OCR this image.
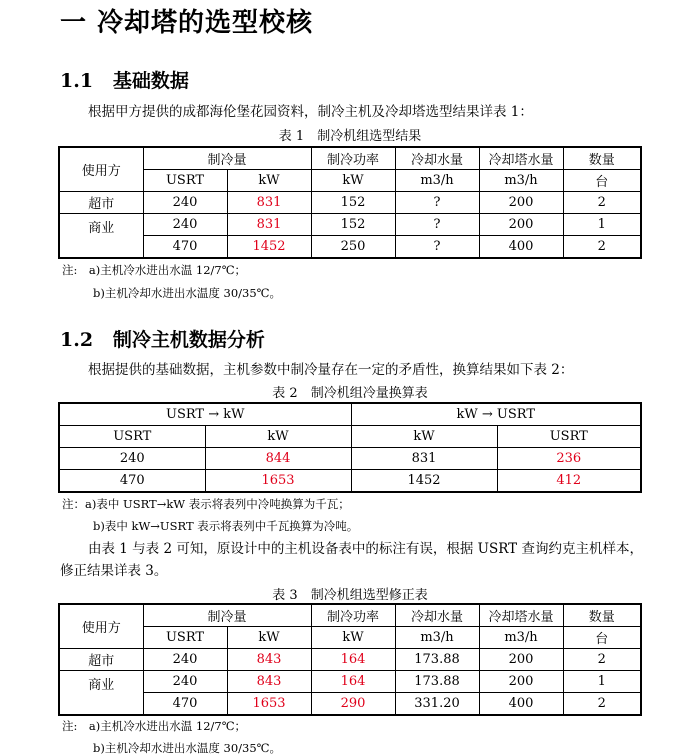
一 冷却塔的选型校核
1.1 基础数据
根据甲方提供的成都海伦堡花园资料，制冷主机及冷却塔选型结果详表 1：
表 1　制冷机组选型结果
使用方	制冷量		制冷功率	冷却水量	冷却塔水量	数量
	USRT	kW	kW	m3/h	m3/h	台
超市	240	831	152	?	200	2
商业	240	831	152	?	200	1
	470	1452	250	?	400	2
注:　a)主机冷水进出水温 12/7℃；
b)主机冷却水进出水温度 30/35℃。
1.2 制冷主机数据分析
根据提供的基础数据，主机参数中制冷量存在一定的矛盾性，换算结果如下表 2：
表 2　制冷机组冷量换算表
USRT → kW		kW → USRT	
USRT	kW	kW	USRT
240	844	831	236
470	1653	1452	412
注：a)表中 USRT→kW 表示将表列中冷吨换算为千瓦；
b)表中 kW→USRT 表示将表列中千瓦换算为冷吨。
由表 1 与表 2 可知，原设计中的主机设备表中的标注有误，根据 USRT 查询约克主机样本，修正结果详表 3。
表 3　制冷机组选型修正表
使用方	制冷量		制冷功率	冷却水量	冷却塔水量	数量
	USRT	kW	kW	m3/h	m3/h	台
超市	240	843	164	173.88	200	2
商业	240	843	164	173.88	200	1
	470	1653	290	331.20	400	2
注:　a)主机冷水进出水温 12/7℃；
b)主机冷却水进出水温度 30/35℃。
